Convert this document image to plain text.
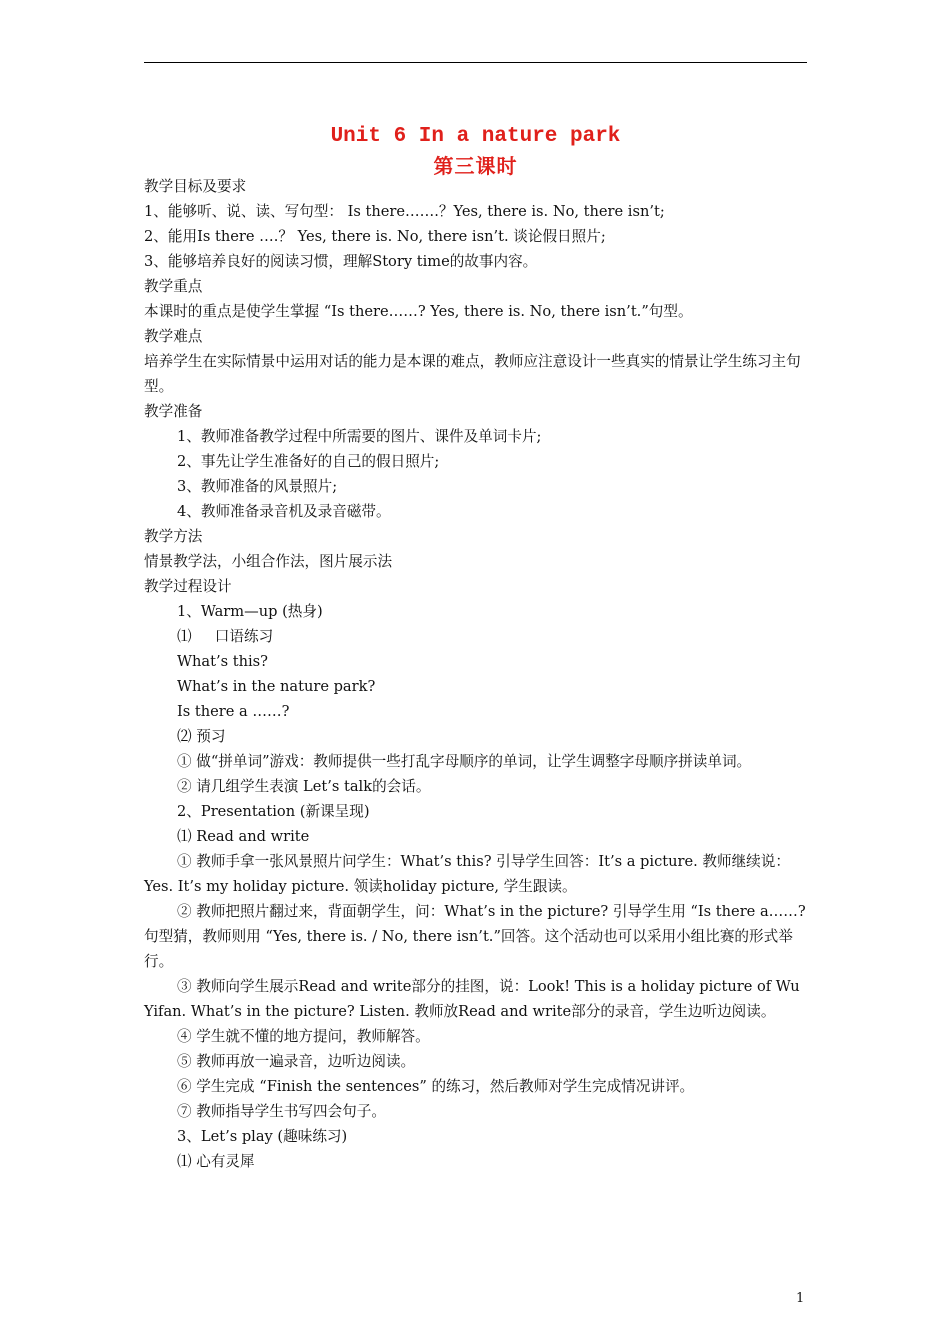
Unit 6 In a nature park
第三课时

教学目标及要求

1、能够听、说、读、写句型： Is there…….？Yes, there is. No, there isn’t;

2、能用Is there ….？ Yes, there is. No, there isn’t. 谈论假日照片;

3、能够培养良好的阅读习惯，理解Story time的故事内容。

教学重点

本课时的重点是使学生掌握 “Is there……? Yes, there is. No, there isn’t.”句型。

教学难点

培养学生在实际情景中运用对话的能力是本课的难点，教师应注意设计一些真实的情景让学生练习主句型。

教学准备

1、教师准备教学过程中所需要的图片、课件及单词卡片;

2、事先让学生准备好的自己的假日照片;

3、教师准备的风景照片;

4、教师准备录音机及录音磁带。

教学方法

情景教学法，小组合作法，图片展示法

教学过程设计

1、Warm—up (热身)

⑴     口语练习

What’s this?

What’s in the nature park?

Is there a ……?

⑵ 预习

① 做“拼单词”游戏：教师提供一些打乱字母顺序的单词，让学生调整字母顺序拼读单词。

② 请几组学生表演 Let’s talk的会话。

2、Presentation (新课呈现)

⑴ Read and write

① 教师手拿一张风景照片问学生：What’s this? 引导学生回答：It’s a picture. 教师继续说：Yes. It’s my holiday picture. 领读holiday picture, 学生跟读。

② 教师把照片翻过来，背面朝学生，问：What’s in the picture? 引导学生用 “Is there a……?句型猜，教师则用 “Yes, there is. / No, there isn’t.”回答。这个活动也可以采用小组比赛的形式举行。

③ 教师向学生展示Read and write部分的挂图，说：Look! This is a holiday picture of Wu Yifan. What’s in the picture? Listen. 教师放Read and write部分的录音，学生边听边阅读。

④ 学生就不懂的地方提问，教师解答。

⑤ 教师再放一遍录音，边听边阅读。

⑥ 学生完成 “Finish the sentences” 的练习，然后教师对学生完成情况讲评。

⑦ 教师指导学生书写四会句子。

3、Let’s play (趣味练习)

⑴ 心有灵犀

1
